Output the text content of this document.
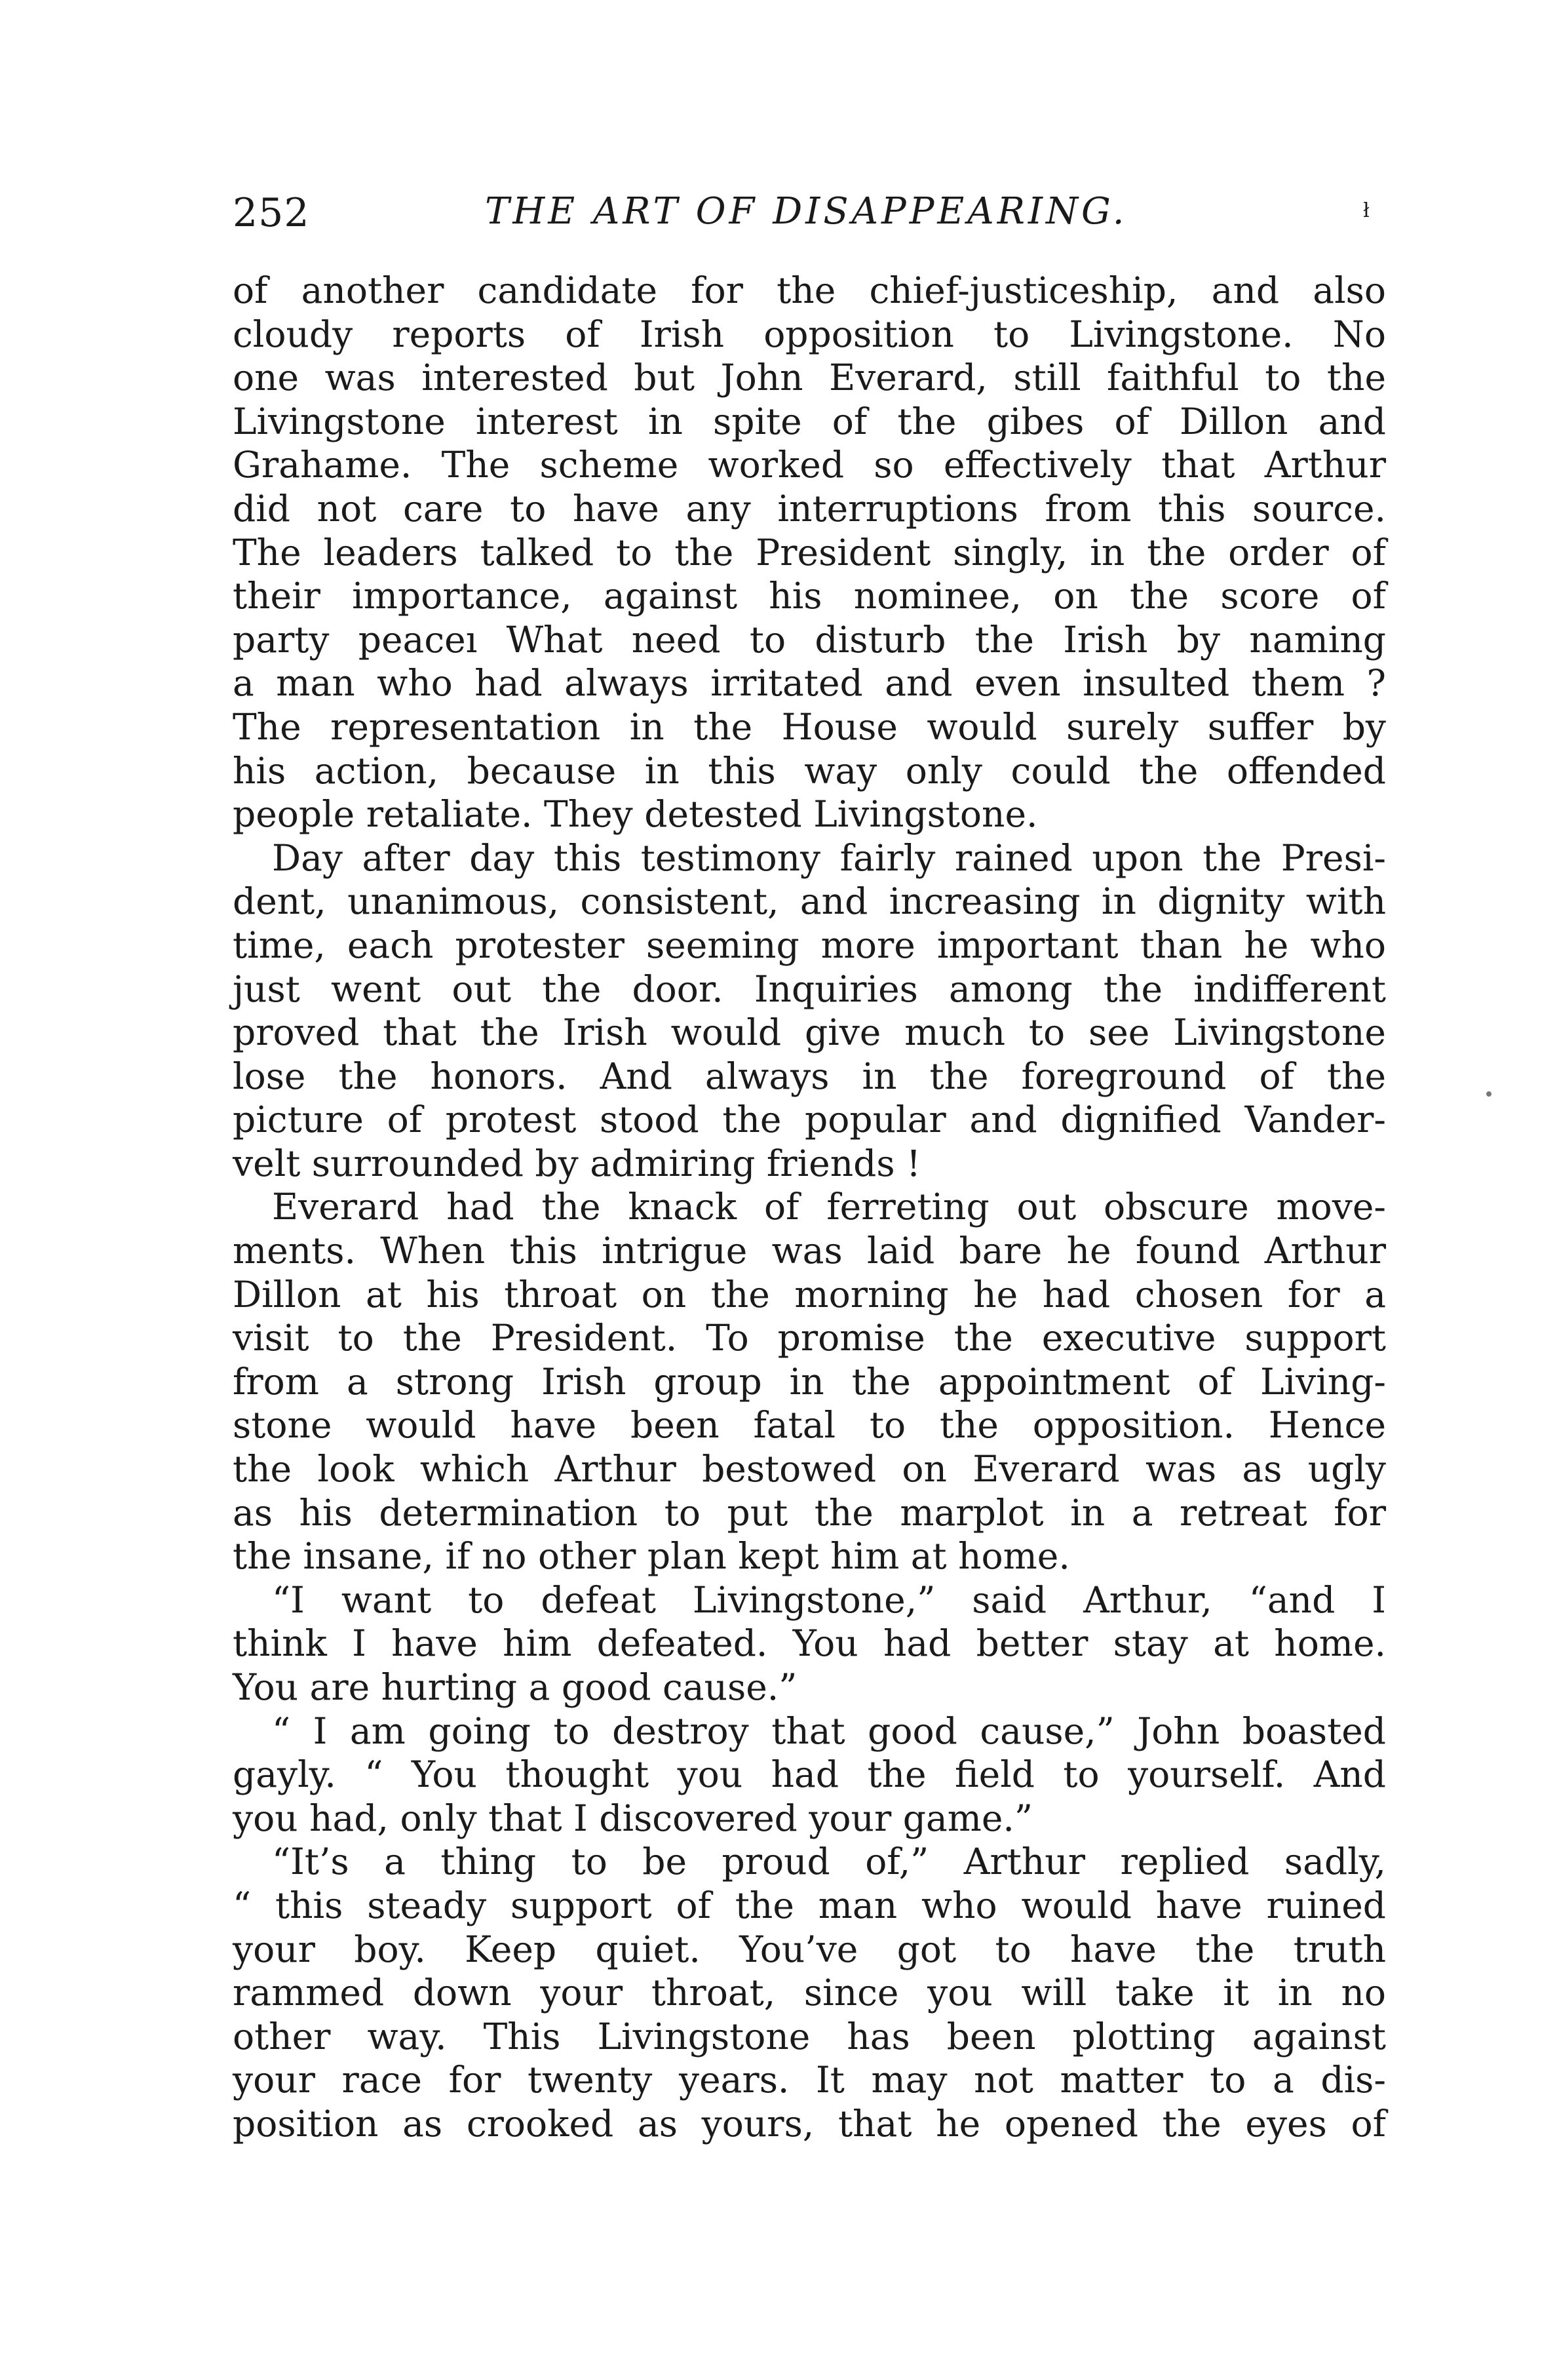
252	THE ART OF DISAPPEARING.	ł
of another candidate for the chief-justiceship, and also
cloudy reports of Irish opposition to Livingstone. No
one was interested but John Everard, still faithful to the
Livingstone interest in spite of the gibes of Dillon and
Grahame. The scheme worked so effectively that Arthur
did not care to have any interruptions from this source.
The leaders talked to the President singly, in the order of
their importance, against his nominee, on the score of
party peaceı What need to disturb the Irish by naming
a man who had always irritated and even insulted them ?
The representation in the House would surely suffer by
his action, because in this way only could the offended
people retaliate. They detested Livingstone.
Day after day this testimony fairly rained upon the Presi-
dent, unanimous, consistent, and increasing in dignity with
time, each protester seeming more important than he who
just went out the door. Inquiries among the indifferent
proved that the Irish would give much to see Livingstone
lose the honors. And always in the foreground of the
picture of protest stood the popular and dignified Vander-
velt surrounded by admiring friends !
Everard had the knack of ferreting out obscure move-
ments. When this intrigue was laid bare he found Arthur
Dillon at his throat on the morning he had chosen for a
visit to the President. To promise the executive support
from a strong Irish group in the appointment of Living-
stone would have been fatal to the opposition. Hence
the look which Arthur bestowed on Everard was as ugly
as his determination to put the marplot in a retreat for
the insane, if no other plan kept him at home.
“I want to defeat Livingstone,” said Arthur, “and I
think I have him defeated. You had better stay at home.
You are hurting a good cause.”
“ I am going to destroy that good cause,” John boasted
gayly. “ You thought you had the field to yourself. And
you had, only that I discovered your game.”
“It’s a thing to be proud of,” Arthur replied sadly,
“ this steady support of the man who would have ruined
your boy. Keep quiet. You’ve got to have the truth
rammed down your throat, since you will take it in no
other way. This Livingstone has been plotting against
your race for twenty years. It may not matter to a dis-
position as crooked as yours, that he opened the eyes of
